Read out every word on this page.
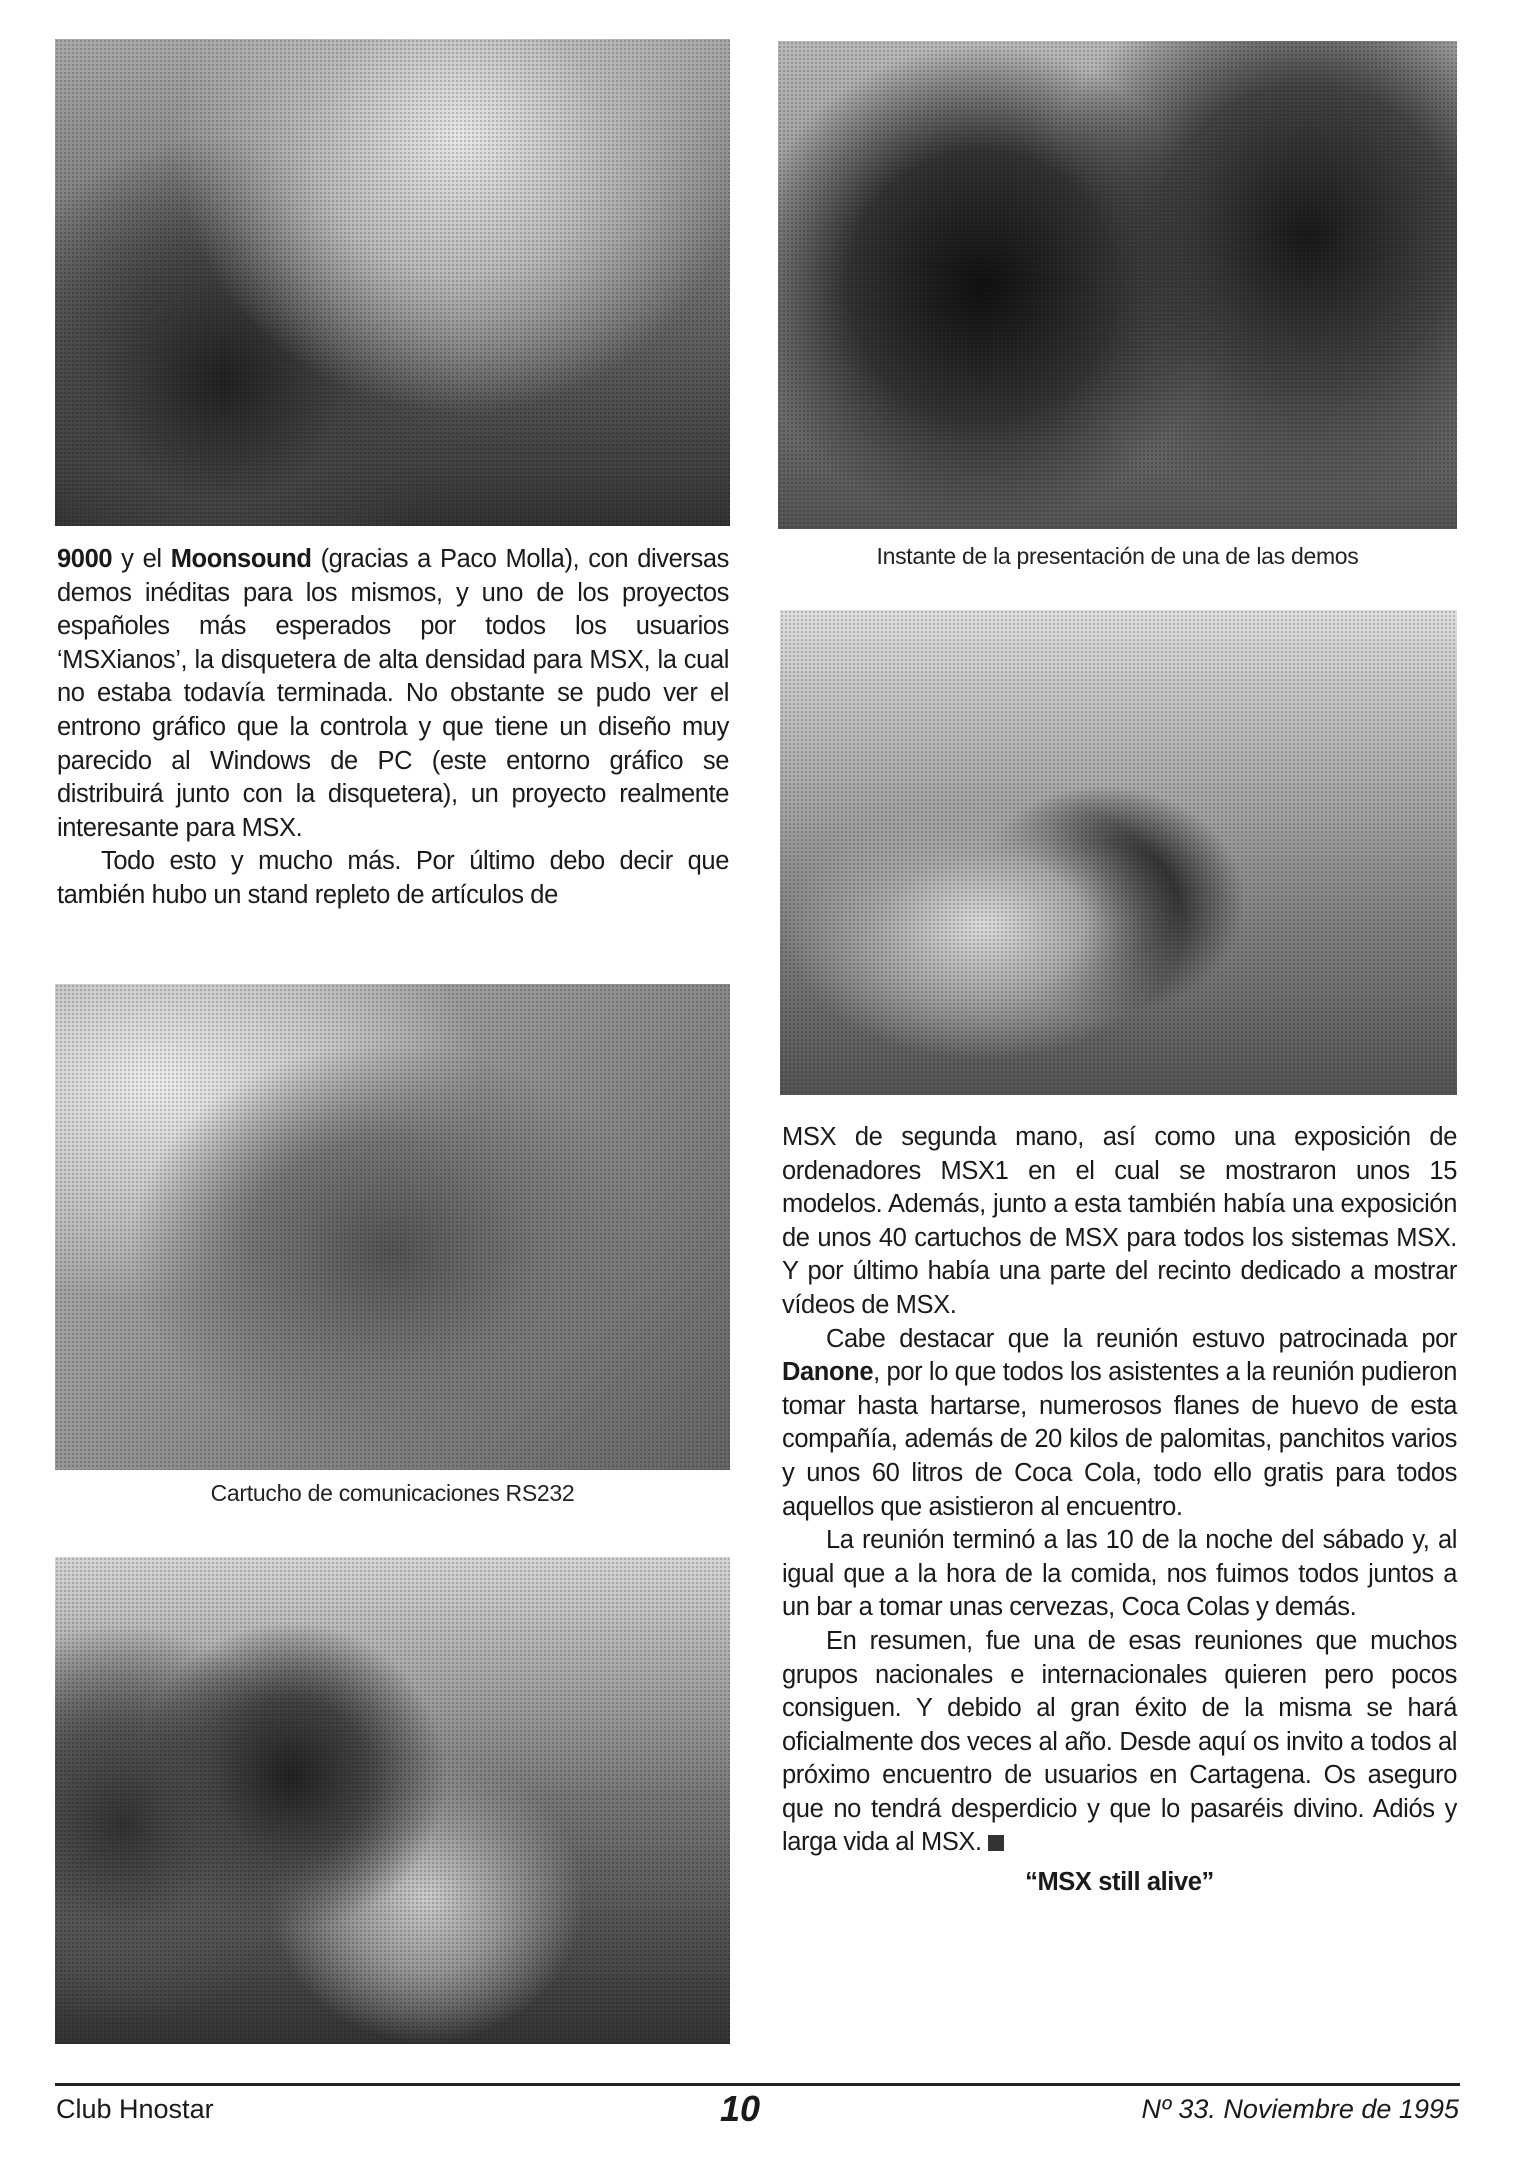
Instante de la presentación de una de las demos

9000 y el Moonsound (gracias a Paco Molla), con diversas demos inéditas para los mismos, y uno de los proyectos españoles más esperados por todos los usuarios ‘MSXianos’, la disquetera de alta densidad para MSX, la cual no estaba todavía terminada. No obstante se pudo ver el entrono gráfico que la controla y que tiene un diseño muy parecido al Windows de PC (este entorno gráfico se distribuirá junto con la disquetera), un proyecto realmente interesante para MSX.

Todo esto y mucho más. Por último debo decir que también hubo un stand repleto de artículos de

Cartucho de comunicaciones RS232

MSX de segunda mano, así como una exposición de ordenadores MSX1 en el cual se mostraron unos 15 modelos. Además, junto a esta también había una exposición de unos 40 cartuchos de MSX para todos los sistemas MSX. Y por último había una parte del recinto dedicado a mostrar vídeos de MSX.

Cabe destacar que la reunión estuvo patrocinada por Danone, por lo que todos los asistentes a la reunión pudieron tomar hasta hartarse, numerosos flanes de huevo de esta compañía, además de 20 kilos de palomitas, panchitos varios y unos 60 litros de Coca Cola, todo ello gratis para todos aquellos que asistieron al encuentro.

La reunión terminó a las 10 de la noche del sábado y, al igual que a la hora de la comida, nos fuimos todos juntos a un bar a tomar unas cervezas, Coca Colas y demás.

En resumen, fue una de esas reuniones que muchos grupos nacionales e internacionales quieren pero pocos consiguen. Y debido al gran éxito de la misma se hará oficialmente dos veces al año. Desde aquí os invito a todos al próximo encuentro de usuarios en Cartagena. Os aseguro que no tendrá desperdicio y que lo pasaréis divino. Adiós y larga vida al MSX.

“MSX still alive”

Club Hnostar	10	Nº 33. Noviembre de 1995
